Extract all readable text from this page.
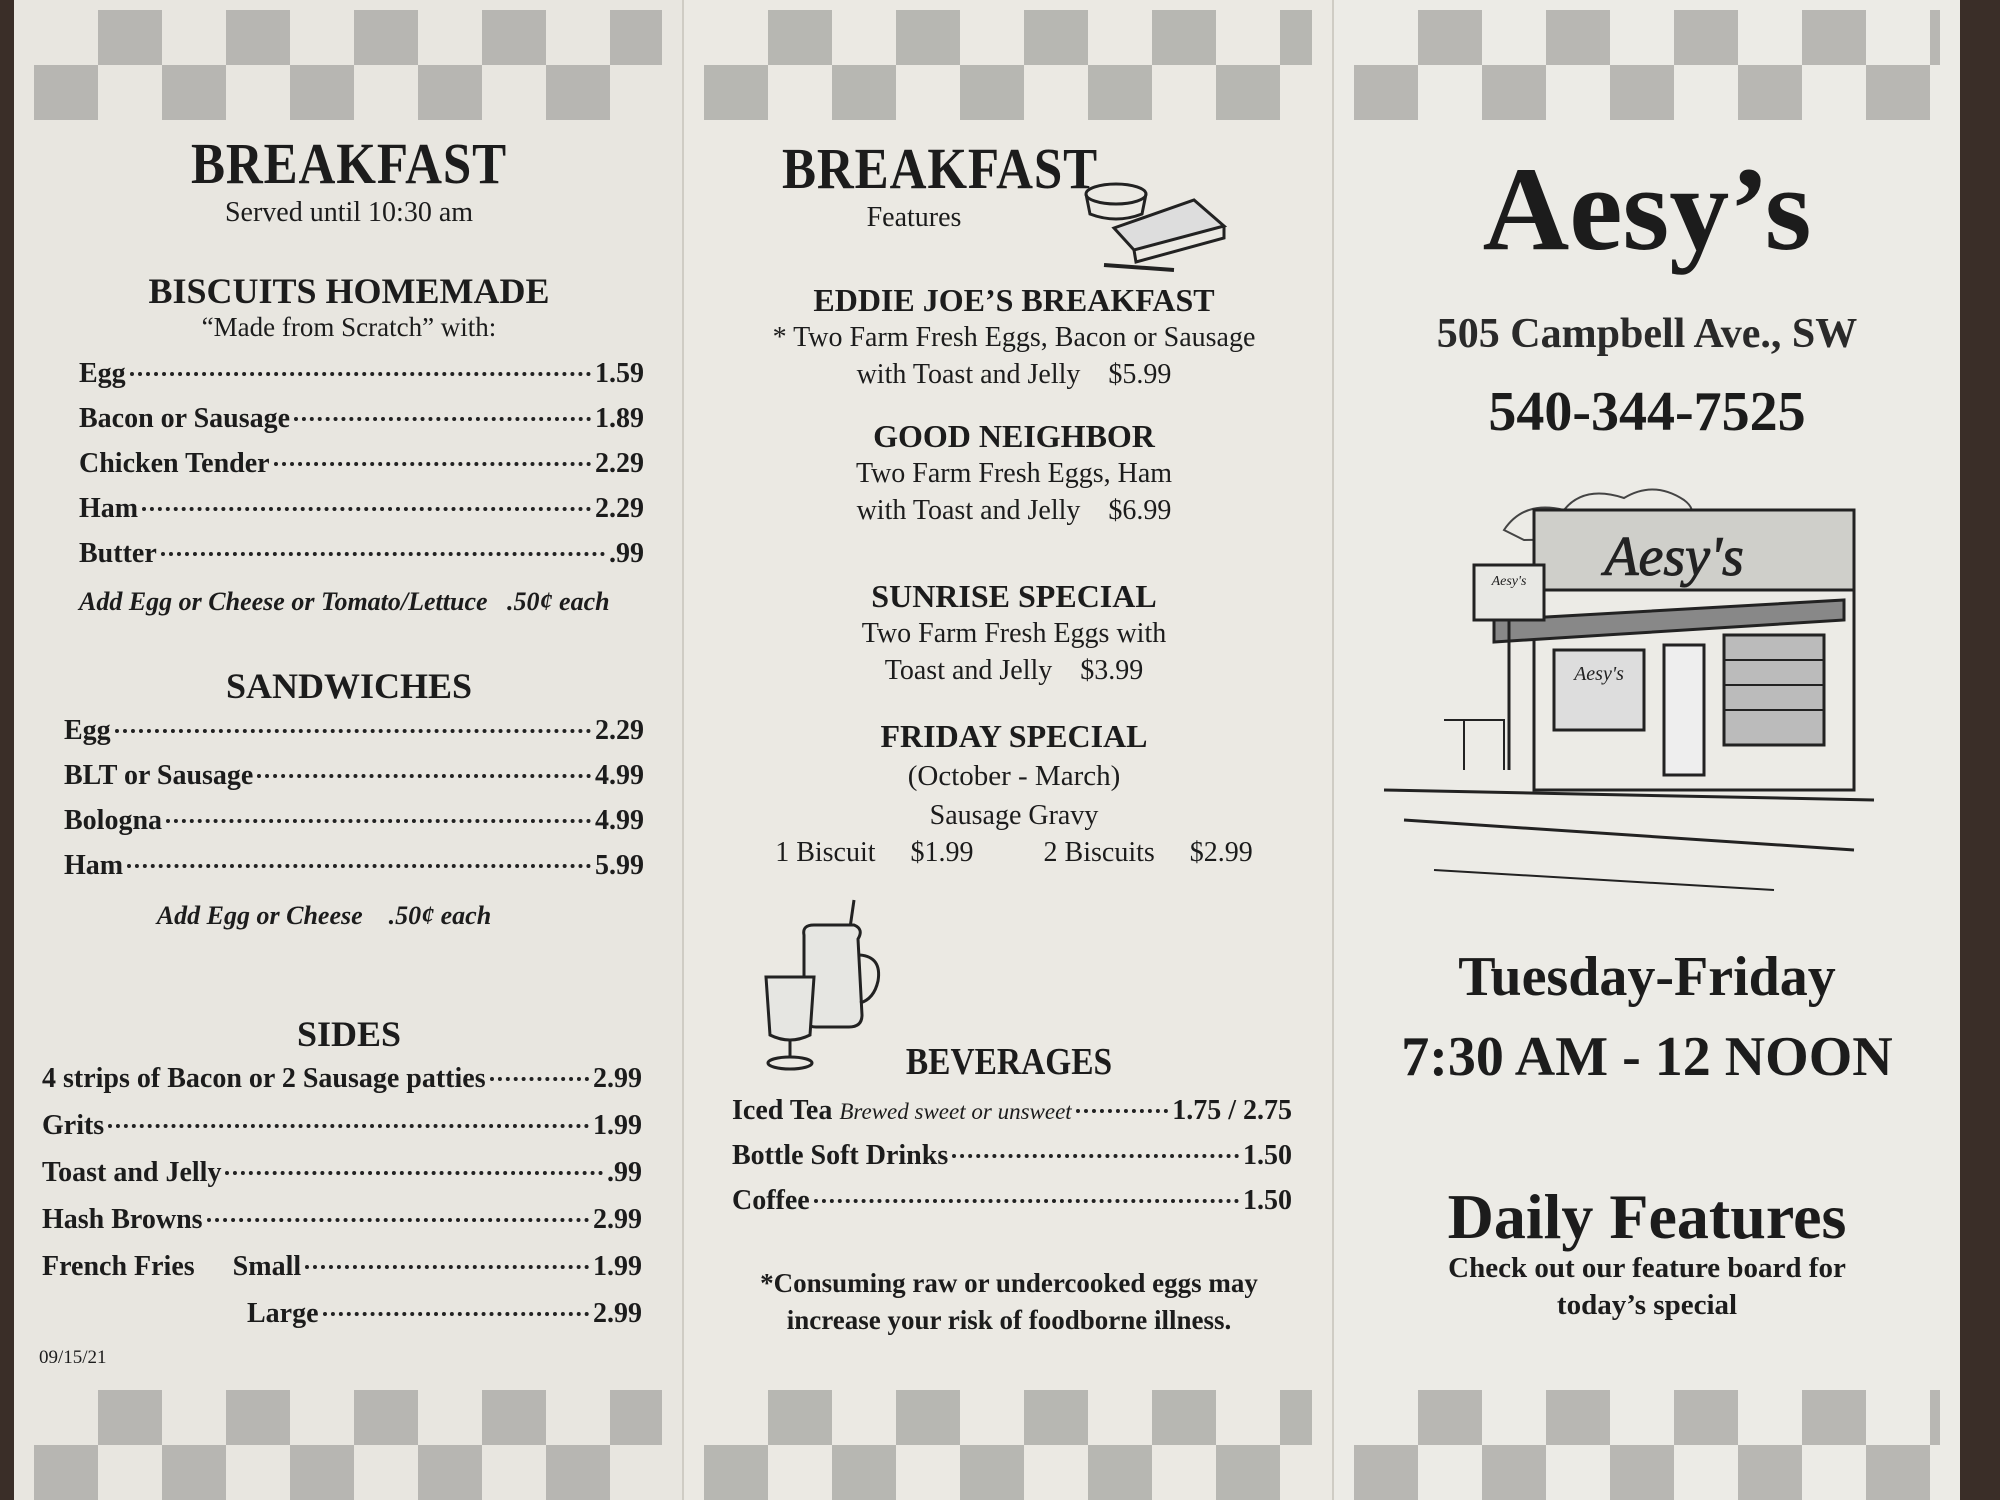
BREAKFAST
Served until 10:30 am
BISCUITS HOMEMADE
“Made from Scratch” with:
Egg	1.59
Bacon or Sausage	1.89
Chicken Tender	2.29
Ham	2.29
Butter	.99
Add Egg or Cheese or Tomato/Lettuce .50¢ each
SANDWICHES
Egg	2.29
BLT or Sausage	4.99
Bologna	4.99
Ham	5.99
Add Egg or Cheese .50¢ each
SIDES
4 strips of Bacon or 2 Sausage patties	2.99
Grits	1.99
Toast and Jelly	.99
Hash Browns	2.99
French Fries Small	1.99
Large	2.99
09/15/21
BREAKFAST
Features
EDDIE JOE’S BREAKFAST
* Two Farm Fresh Eggs, Bacon or Sausage
with Toast and Jelly $5.99
GOOD NEIGHBOR
Two Farm Fresh Eggs, Ham
with Toast and Jelly $6.99
SUNRISE SPECIAL
Two Farm Fresh Eggs with
Toast and Jelly $3.99
FRIDAY SPECIAL
(October - March)
Sausage Gravy
1 Biscuit $1.99	2 Biscuits $2.99
BEVERAGES
Iced Tea
Brewed sweet or unsweet	1.75 / 2.75
Bottle Soft Drinks	1.50
Coffee	1.50
*Consuming raw or undercooked eggs may
increase your risk of foodborne illness.
Aesy’s
505 Campbell Ave., SW
540-344-7525
Aesy's
Aesy's
Aesy's
Tuesday-Friday
7:30 AM - 12 NOON
Daily Features
Check out our feature board for
today’s special
